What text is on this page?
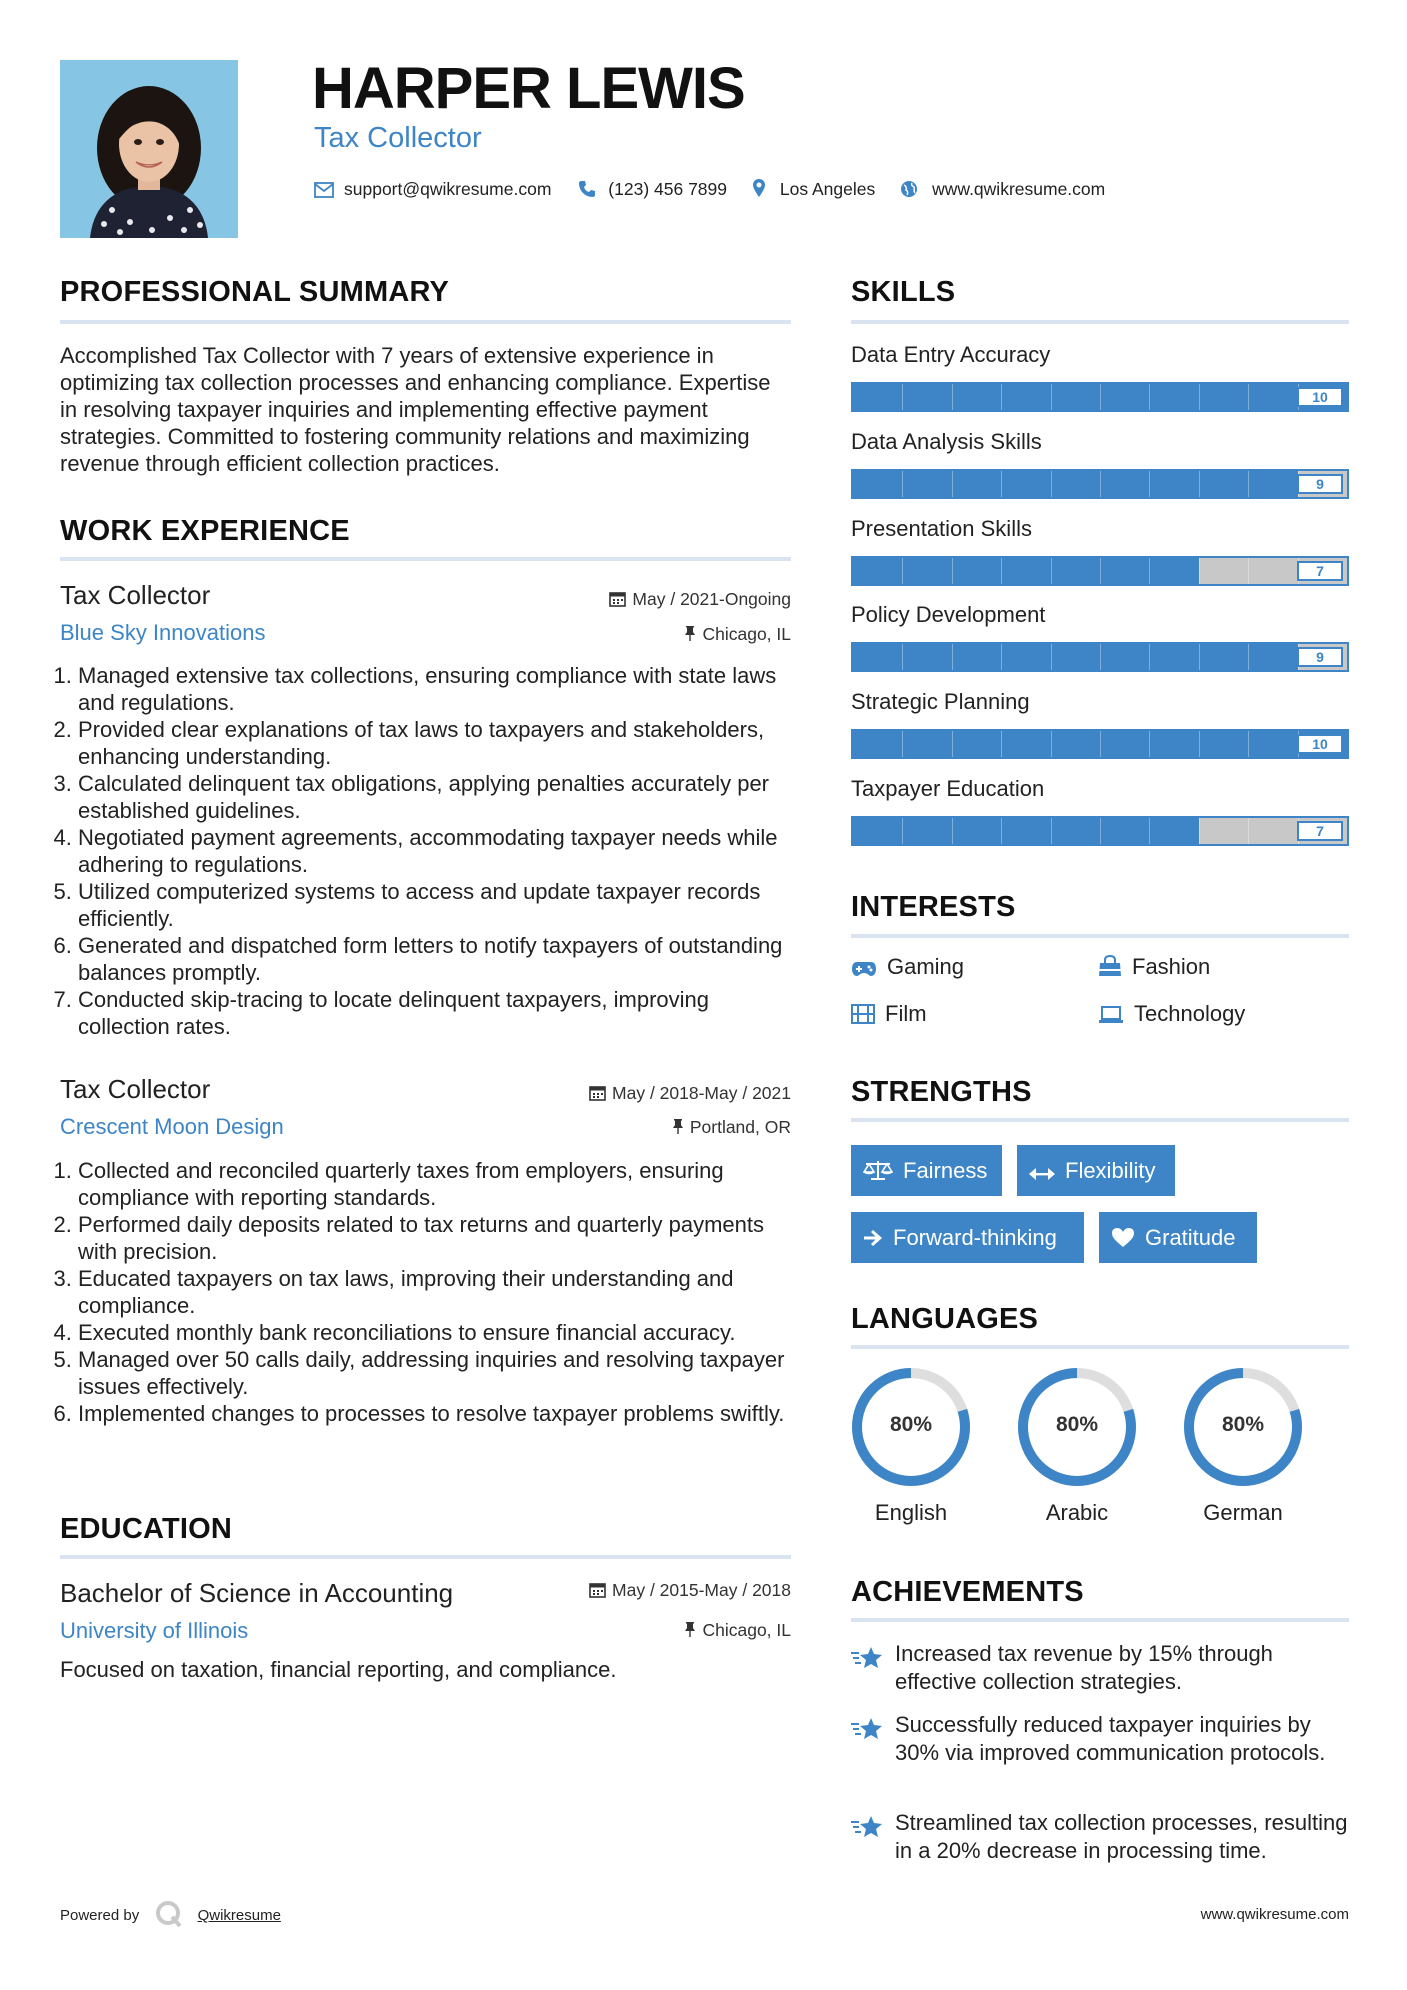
HARPER LEWIS
Tax Collector
support@qwikresume.com	(123) 456 7899	Los Angeles	www.qwikresume.com
PROFESSIONAL SUMMARY
Accomplished Tax Collector with 7 years of extensive experience in optimizing tax collection processes and enhancing compliance. Expertise in resolving taxpayer inquiries and implementing effective payment strategies. Committed to fostering community relations and maximizing revenue through efficient collection practices.
WORK EXPERIENCE
Tax Collector
Blue Sky Innovations
May / 2021-Ongoing
Chicago, IL
1. Managed extensive tax collections, ensuring compliance with state laws and regulations.
2. Provided clear explanations of tax laws to taxpayers and stakeholders, enhancing understanding.
3. Calculated delinquent tax obligations, applying penalties accurately per established guidelines.
4. Negotiated payment agreements, accommodating taxpayer needs while adhering to regulations.
5. Utilized computerized systems to access and update taxpayer records efficiently.
6. Generated and dispatched form letters to notify taxpayers of outstanding balances promptly.
7. Conducted skip-tracing to locate delinquent taxpayers, improving collection rates.
Tax Collector
Crescent Moon Design
May / 2018-May / 2021
Portland, OR
1. Collected and reconciled quarterly taxes from employers, ensuring compliance with reporting standards.
2. Performed daily deposits related to tax returns and quarterly payments with precision.
3. Educated taxpayers on tax laws, improving their understanding and compliance.
4. Executed monthly bank reconciliations to ensure financial accuracy.
5. Managed over 50 calls daily, addressing inquiries and resolving taxpayer issues effectively.
6. Implemented changes to processes to resolve taxpayer problems swiftly.
EDUCATION
Bachelor of Science in Accounting
University of Illinois
May / 2015-May / 2018
Chicago, IL
Focused on taxation, financial reporting, and compliance.
SKILLS
Data Entry Accuracy
10
Data Analysis Skills
9
Presentation Skills
7
Policy Development
9
Strategic Planning
10
Taxpayer Education
7
INTERESTS
Gaming	Fashion
Film	Technology
STRENGTHS
Fairness	Flexibility
Forward-thinking	Gratitude
LANGUAGES
80%
English
80%
Arabic
80%
German
ACHIEVEMENTS
Increased tax revenue by 15% through effective collection strategies.
Successfully reduced taxpayer inquiries by 30% via improved communication protocols.
Streamlined tax collection processes, resulting in a 20% decrease in processing time.
Powered by	Qwikresume	www.qwikresume.com
